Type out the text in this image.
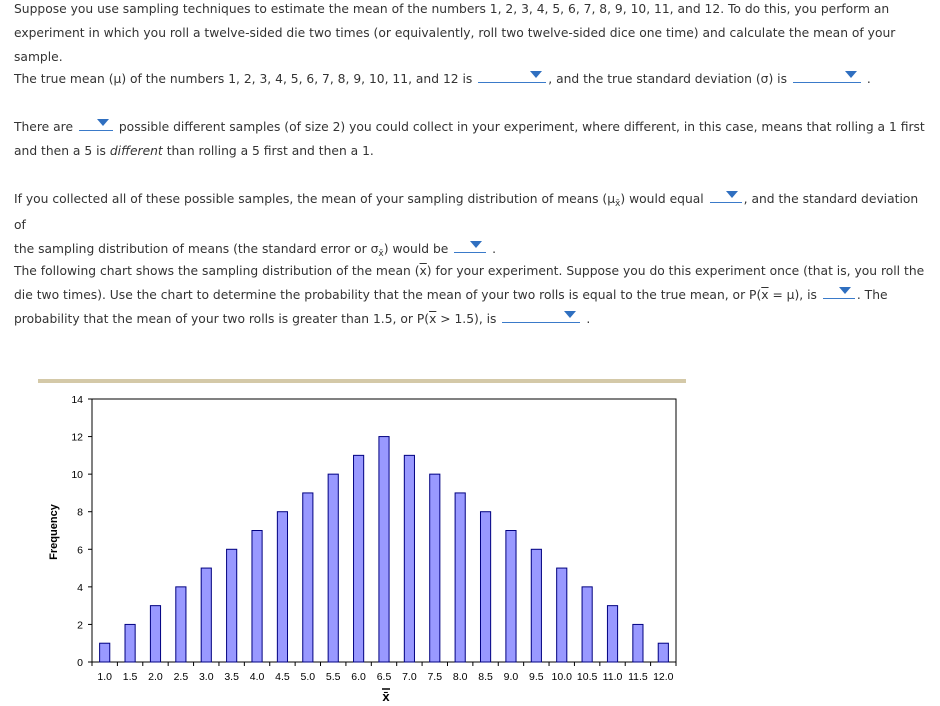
Suppose you use sampling techniques to estimate the mean of the numbers 1, 2, 3, 4, 5, 6, 7, 8, 9, 10, 11, and 12. To do this, you perform an
experiment in which you roll a twelve-sided die two times (or equivalently, roll two twelve-sided dice one time) and calculate the mean of your sample.

The true mean (μ) of the numbers 1, 2, 3, 4, 5, 6, 7, 8, 9, 10, 11, and 12 is	, and the true standard deviation (σ) is	.

There are	possible different samples (of size 2) you could collect in your experiment, where different, in this case, means that rolling a 1 first
and then a 5 is different than rolling a 5 first and then a 1.

If you collected all of these possible samples, the mean of your sampling distribution of means $(\mu_{x̄})$ would equal	, and the standard deviation of
the sampling distribution of means (the standard error or $\sigma_{x̄}$) would be	.

The following chart shows the sampling distribution of the mean $(\overline{x})$ for your experiment. Suppose you do this experiment once (that is, you roll the
die two times). Use the chart to determine the probability that the mean of your two rolls is equal to the true mean, or $P(\overline{x} = \mu)$, is	. The
probability that the mean of your two rolls is greater than 1.5, or $P(\overline{x} > 1.5)$, is	.

0
2
4
6
8
10
12
14
1.0 1.5 2.0 2.5 3.0 3.5 4.0 4.5 5.0 5.5 6.0 6.5 7.0 7.5 8.0 8.5 9.0 9.5 10.0 10.5 11.0 11.5 12.0
Frequency
x̄
